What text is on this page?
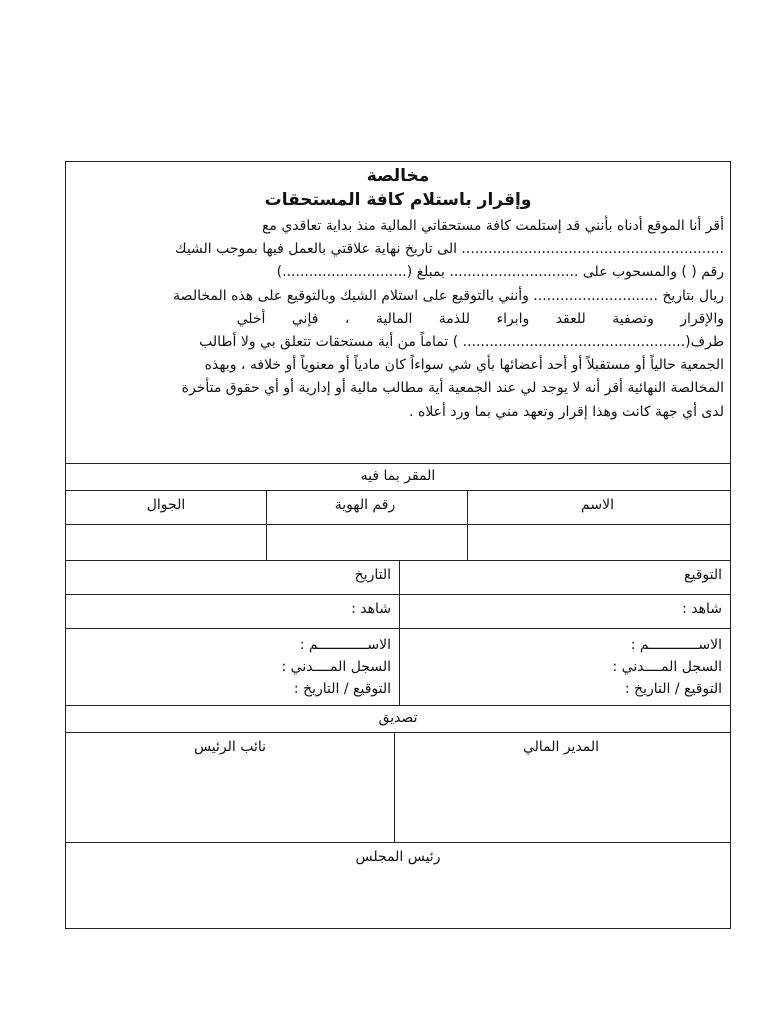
مخالصة

وإقرار باستلام كافة المستحقات

أقر أنا الموقع أدناه بأنني قد إستلمت كافة مستحقاتي المالية منذ بداية تعاقدي مع
........................................................... الى تاريخ نهاية علاقتي بالعمل فيها بموجب الشيك
رقم ( ) والمسحوب على ............................. بمبلغ (............................)
ريال بتاريخ ............................ وأنني بالتوقيع على استلام الشيك وبالتوقيع على هذه المخالصة
والإقرار وتصفية للعقد وابراء للذمة المالية ، فإني أخلي
طرف(.................................................. ) تماماً من أية مستحقات تتعلق بي ولا أطالب
الجمعية حالياً أو مستقبلاً أو أحد أعضائها بأي شي سواءاً كان مادياً أو معنوياً أو خلافه ، وبهذه
المخالصة النهائية أقر أنه لا يوجد لي عند الجمعية أية مطالب مالية أو إدارية أو أي حقوق متأخرة
لدى أي جهة كانت وهذا إقرار وتعهد مني بما ورد أعلاه .
المقر بما فيه
الاسم
رقم الهوية
الجوال
التوقيع
التاريخ
شاهد :
شاهد :
الاســــــــــــم :
السجل المــــدني :
التوقيع / التاريخ :
الاســــــــــــم :
السجل المــــدني :
التوقيع / التاريخ :
تصديق
المدير المالي
نائب الرئيس
رئيس المجلس
